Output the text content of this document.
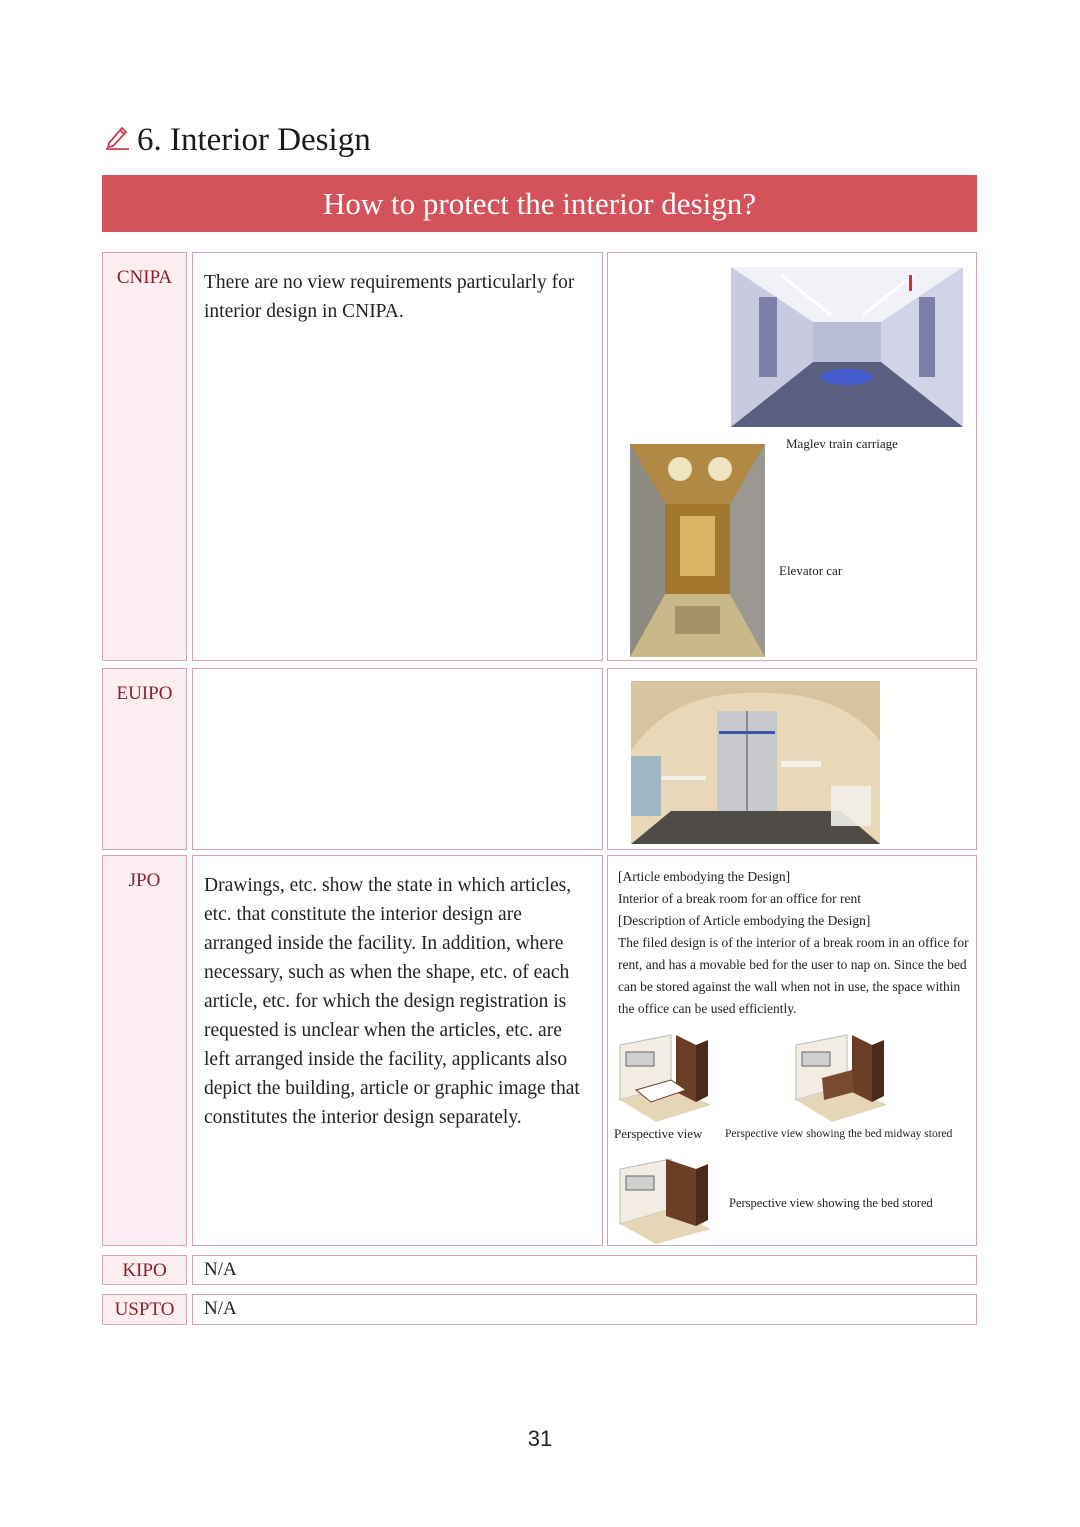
6. Interior Design
How to protect the interior design?
CNIPA	There are no view requirements particularly for interior design in CNIPA.
Maglev train carriage
Elevator car
EUIPO
JPO	Drawings, etc. show the state in which articles, etc. that constitute the interior design are arranged inside the facility. In addition, where necessary, such as when the shape, etc. of each article, etc. for which the design registration is requested is unclear when the articles, etc. are left arranged inside the facility, applicants also depict the building, article or graphic image that constitutes the interior design separately.
[Article embodying the Design]
Interior of a break room for an office for rent
[Description of Article embodying the Design]
The filed design is of the interior of a break room in an office for rent, and has a movable bed for the user to nap on. Since the bed can be stored against the wall when not in use, the space within the office can be used efficiently.
Perspective view Perspective view showing the bed midway stored
Perspective view showing the bed stored
KIPO	N/A
USPTO	N/A
31
